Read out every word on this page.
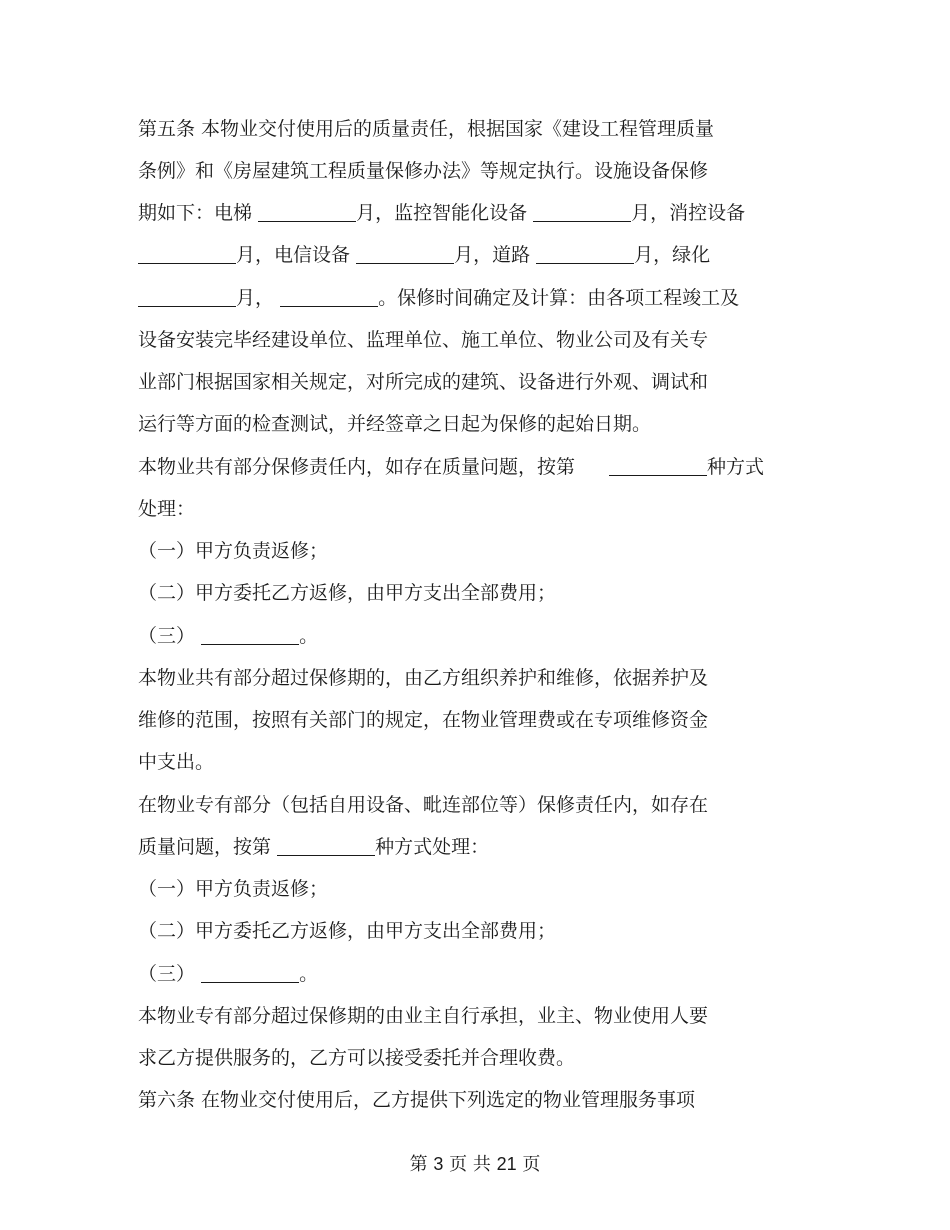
第五条 本物业交付使用后的质量责任，根据国家《建设工程管理质量
条例》和《房屋建筑工程质量保修办法》等规定执行。设施设备保修
期如下：电梯	月，监控智能化设备	月，消控设备
月，电信设备	月，道路	月，绿化
月，	。保修时间确定及计算：由各项工程竣工及
设备安装完毕经建设单位、监理单位、施工单位、物业公司及有关专
业部门根据国家相关规定，对所完成的建筑、设备进行外观、调试和
运行等方面的检查测试，并经签章之日起为保修的起始日期。
本物业共有部分保修责任内，如存在质量问题，按第	种方式
处理：
（一）甲方负责返修；
（二）甲方委托乙方返修，由甲方支出全部费用；
（三）	。
本物业共有部分超过保修期的，由乙方组织养护和维修，依据养护及
维修的范围，按照有关部门的规定，在物业管理费或在专项维修资金
中支出。
在物业专有部分（包括自用设备、毗连部位等）保修责任内，如存在
质量问题，按第	种方式处理：
（一）甲方负责返修；
（二）甲方委托乙方返修，由甲方支出全部费用；
（三）	。
本物业专有部分超过保修期的由业主自行承担，业主、物业使用人要
求乙方提供服务的，乙方可以接受委托并合理收费。
第六条 在物业交付使用后，乙方提供下列选定的物业管理服务事项
第 3 页 共 21 页
